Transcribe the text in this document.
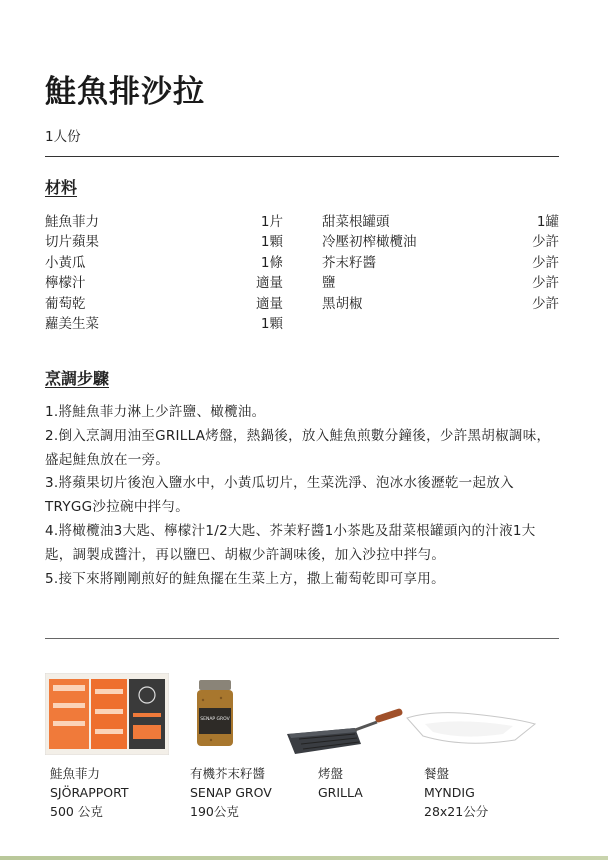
鮭魚排沙拉
1人份
材料
鮭魚菲力	1片
切片蘋果	1顆
小黃瓜	1條
檸檬汁	適量
葡萄乾	適量
蘿美生菜	1顆
甜菜根罐頭	1罐
冷壓初榨橄欖油	少許
芥末籽醬	少許
鹽	少許
黑胡椒	少許
烹調步驟
1.將鮭魚菲力淋上少許鹽、橄欖油。
2.倒入烹調用油至GRILLA烤盤，熱鍋後，放入鮭魚煎數分鐘後，少許黑胡椒調味，盛起鮭魚放在一旁。
3.將蘋果切片後泡入鹽水中，小黃瓜切片，生菜洗淨、泡冰水後瀝乾一起放入TRYGG沙拉碗中拌勻。
4.將橄欖油3大匙、檸檬汁1/2大匙、芥茉籽醬1小茶匙及甜菜根罐頭內的汁液1大匙，調製成醬汁，再以鹽巴、胡椒少許調味後，加入沙拉中拌勻。
5.接下來將剛剛煎好的鮭魚擺在生菜上方，撒上葡萄乾即可享用。
鮭魚菲力
SJÖRAPPORT
500 公克
SENAP GROV
有機芥末籽醬
SENAP GROV
190公克
烤盤
GRILLA
餐盤
MYNDIG
28x21公分
